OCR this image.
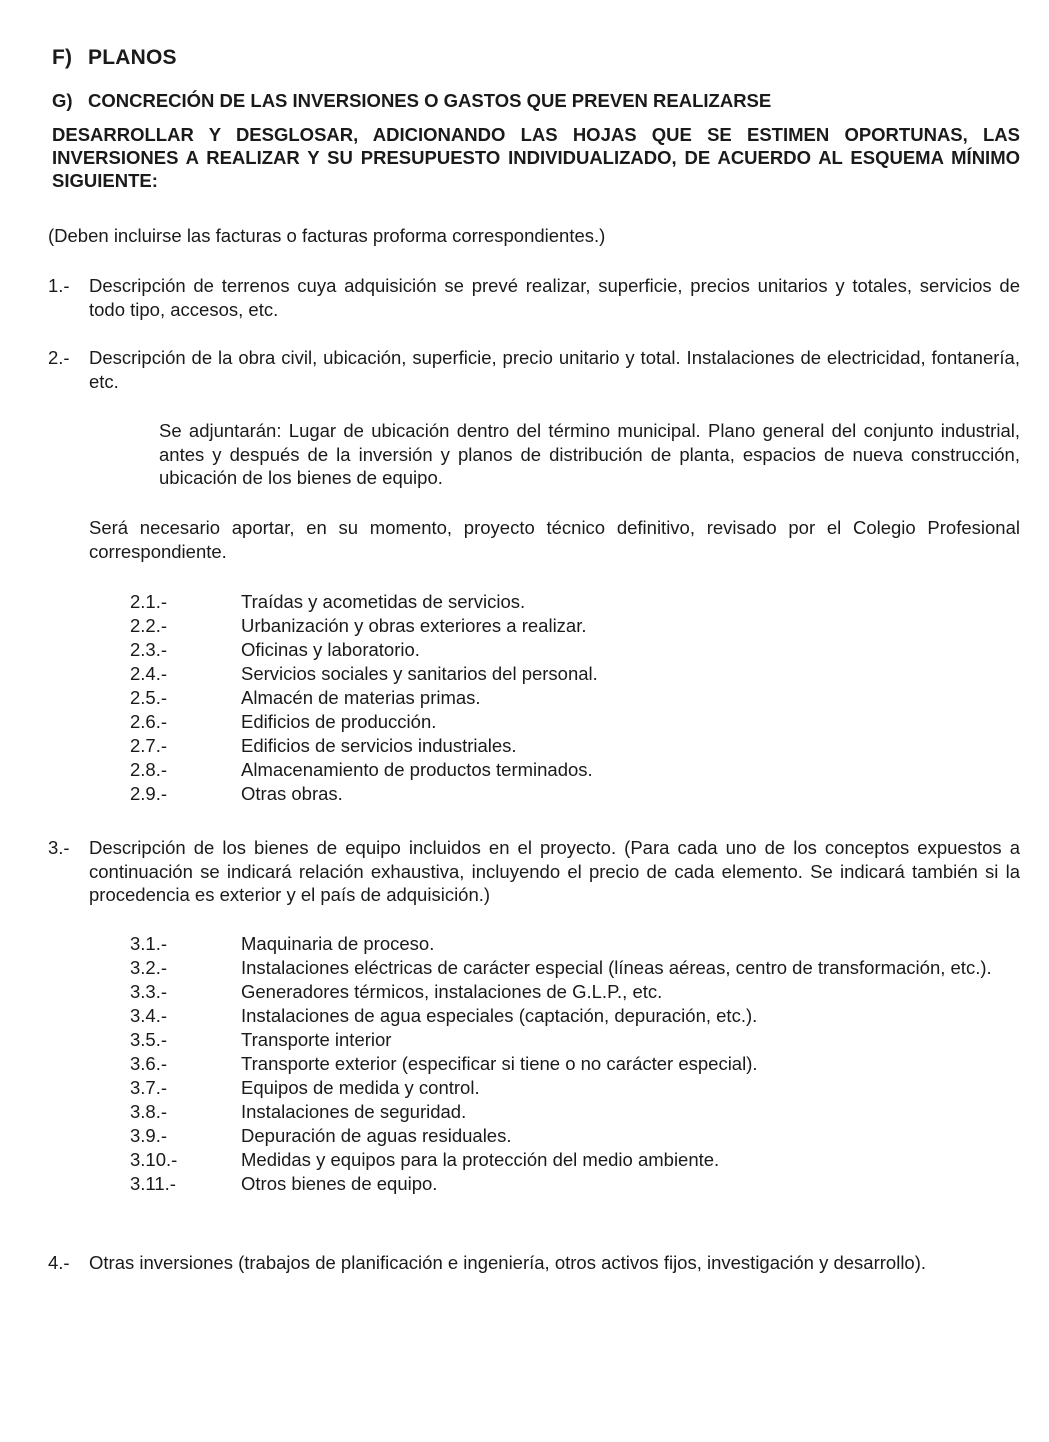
F) PLANOS
G) CONCRECIÓN DE LAS INVERSIONES O GASTOS QUE PREVEN REALIZARSE
DESARROLLAR Y DESGLOSAR, ADICIONANDO LAS HOJAS QUE SE ESTIMEN OPORTUNAS, LAS INVERSIONES A REALIZAR Y SU PRESUPUESTO INDIVIDUALIZADO, DE ACUERDO AL ESQUEMA MÍNIMO SIGUIENTE:
(Deben incluirse las facturas o facturas proforma correspondientes.)
1.- Descripción de terrenos cuya adquisición se prevé realizar, superficie, precios unitarios y totales, servicios de todo tipo, accesos, etc.
2.- Descripción de la obra civil, ubicación, superficie, precio unitario y total. Instalaciones de electricidad, fontanería, etc.
Se adjuntarán: Lugar de ubicación dentro del término municipal. Plano general del conjunto industrial, antes y después de la inversión y planos de distribución de planta, espacios de nueva construcción, ubicación de los bienes de equipo.
Será necesario aportar, en su momento, proyecto técnico definitivo, revisado por el Colegio Profesional correspondiente.
2.1.-	Traídas y acometidas de servicios.
2.2.-	Urbanización y obras exteriores a realizar.
2.3.-	Oficinas y laboratorio.
2.4.-	Servicios sociales y sanitarios del personal.
2.5.-	Almacén de materias primas.
2.6.-	Edificios de producción.
2.7.-	Edificios de servicios industriales.
2.8.-	Almacenamiento de productos terminados.
2.9.-	Otras obras.
3.- Descripción de los bienes de equipo incluidos en el proyecto. (Para cada uno de los conceptos expuestos a continuación se indicará relación exhaustiva, incluyendo el precio de cada elemento. Se indicará también si la procedencia es exterior y el país de adquisición.)
3.1.-	Maquinaria de proceso.
3.2.-	Instalaciones eléctricas de carácter especial (líneas aéreas, centro de transformación, etc.).
3.3.-	Generadores térmicos, instalaciones de G.L.P., etc.
3.4.-	Instalaciones de agua especiales (captación, depuración, etc.).
3.5.-	Transporte interior
3.6.-	Transporte exterior (especificar si tiene o no carácter especial).
3.7.-	Equipos de medida y control.
3.8.-	Instalaciones de seguridad.
3.9.-	Depuración de aguas residuales.
3.10.-	Medidas y equipos para la protección del medio ambiente.
3.11.-	Otros bienes de equipo.
4.- Otras inversiones (trabajos de planificación e ingeniería, otros activos fijos, investigación y desarrollo).
